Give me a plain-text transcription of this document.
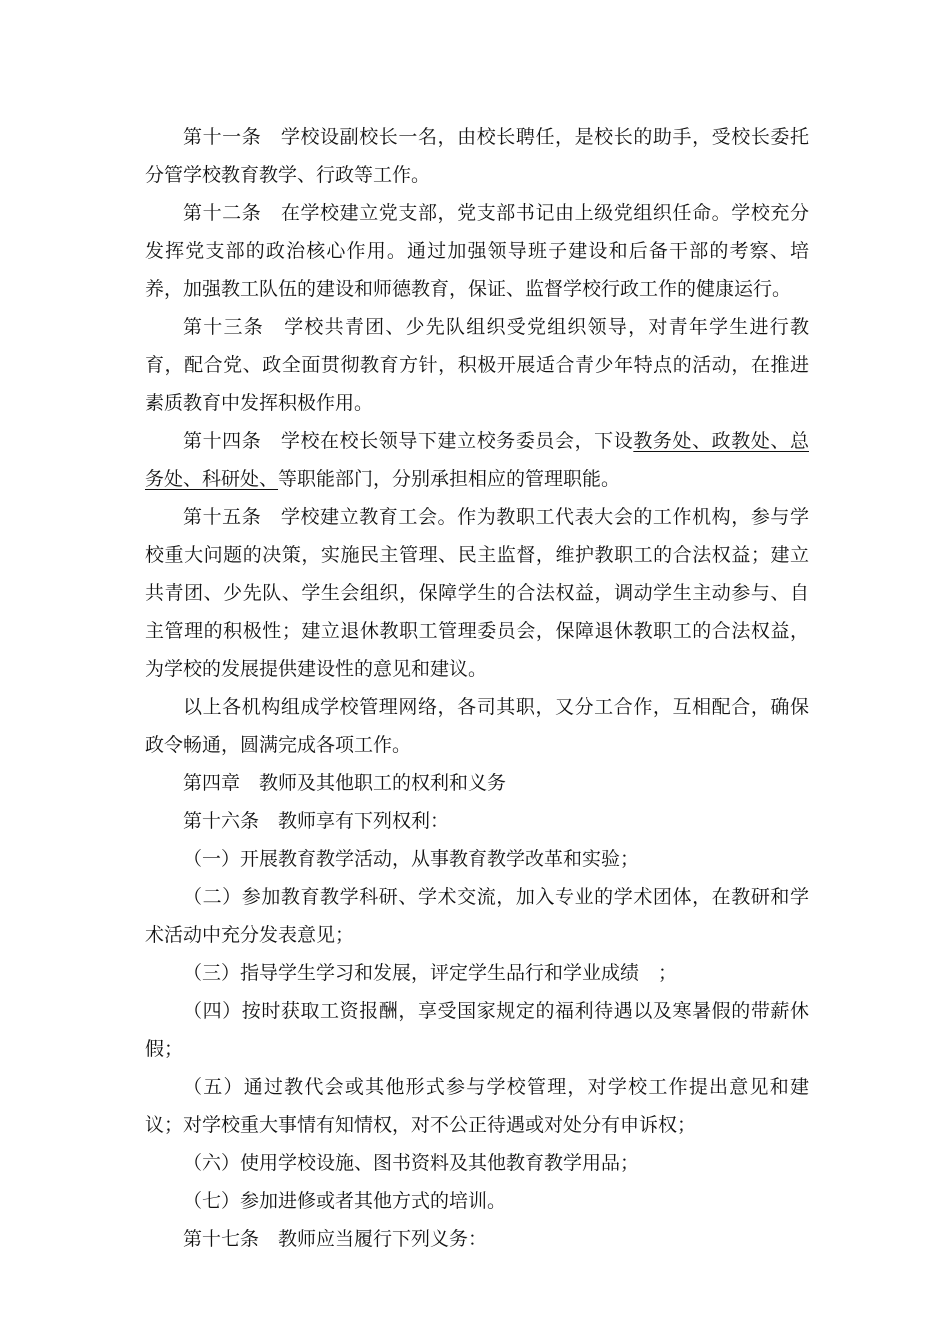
第十一条　学校设副校长一名，由校长聘任，是校长的助手，受校长委托分管学校教育教学、行政等工作。

第十二条　在学校建立党支部，党支部书记由上级党组织任命。学校充分发挥党支部的政治核心作用。通过加强领导班子建设和后备干部的考察、培养，加强教工队伍的建设和师德教育，保证、监督学校行政工作的健康运行。

第十三条　学校共青团、少先队组织受党组织领导，对青年学生进行教育，配合党、政全面贯彻教育方针，积极开展适合青少年特点的活动，在推进素质教育中发挥积极作用。

第十四条　学校在校长领导下建立校务委员会，下设教务处、政教处、总务处、科研处、等职能部门，分别承担相应的管理职能。

第十五条　学校建立教育工会。作为教职工代表大会的工作机构，参与学校重大问题的决策，实施民主管理、民主监督，维护教职工的合法权益；建立共青团、少先队、学生会组织，保障学生的合法权益，调动学生主动参与、自主管理的积极性；建立退休教职工管理委员会，保障退休教职工的合法权益，为学校的发展提供建设性的意见和建议。

以上各机构组成学校管理网络，各司其职，又分工合作，互相配合，确保政令畅通，圆满完成各项工作。

第四章　教师及其他职工的权利和义务

第十六条　教师享有下列权利：

（一）开展教育教学活动，从事教育教学改革和实验；

（二）参加教育教学科研、学术交流，加入专业的学术团体，在教研和学术活动中充分发表意见；

（三）指导学生学习和发展，评定学生品行和学业成绩　；

（四）按时获取工资报酬，享受国家规定的福利待遇以及寒暑假的带薪休假；

（五）通过教代会或其他形式参与学校管理，对学校工作提出意见和建议；对学校重大事情有知情权，对不公正待遇或对处分有申诉权；

（六）使用学校设施、图书资料及其他教育教学用品；

（七）参加进修或者其他方式的培训。

第十七条　教师应当履行下列义务：
